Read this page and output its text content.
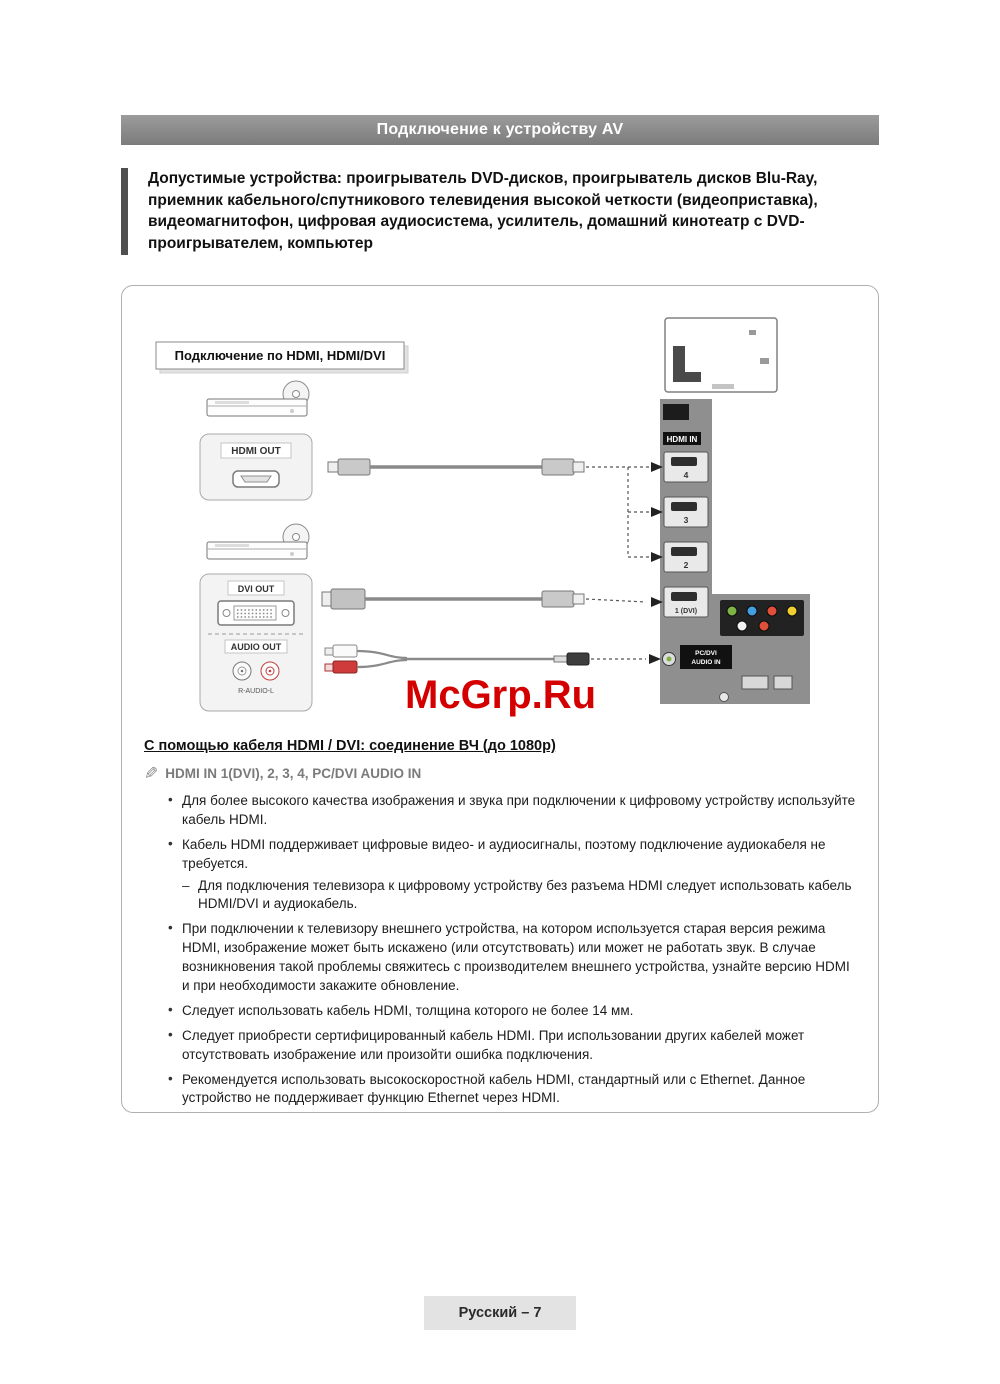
Подключение к устройству AV

Допустимые устройства: проигрыватель DVD-дисков, проигрыватель дисков Blu-Ray, приемник кабельного/спутникового телевидения высокой четкости (видеоприставка), видеомагнитофон, цифровая аудиосистема, усилитель, домашний кинотеатр с DVD-проигрывателем, компьютер

Подключение по HDMI, HDMI/DVI
HDMI IN
4
3
2
1 (DVI)
PC/DVI
AUDIO IN
HDMI OUT
DVI OUT
AUDIO OUT
R-AUDIO-L	McGrp.Ru
С помощью кабеля HDMI / DVI: соединение ВЧ (до 1080p)
✎ HDMI IN 1(DVI), 2, 3, 4, PC/DVI AUDIO IN
• Для более высокого качества изображения и звука при подключении к цифровому устройству используйте кабель HDMI.
• Кабель HDMI поддерживает цифровые видео- и аудиосигналы, поэтому подключение аудиокабеля не требуется.
– Для подключения телевизора к цифровому устройству без разъема HDMI следует использовать кабель HDMI/DVI и аудиокабель.
• При подключении к телевизору внешнего устройства, на котором используется старая версия режима HDMI, изображение может быть искажено (или отсутствовать) или может не работать звук. В случае возникновения такой проблемы свяжитесь с производителем внешнего устройства, узнайте версию HDMI и при необходимости закажите обновление.
• Следует использовать кабель HDMI, толщина которого не более 14 мм.
• Следует приобрести сертифицированный кабель HDMI. При использовании других кабелей может отсутствовать изображение или произойти ошибка подключения.
• Рекомендуется использовать высокоскоростной кабель HDMI, стандартный или с Ethernet. Данное устройство не поддерживает функцию Ethernet через HDMI.
Русский – 7
